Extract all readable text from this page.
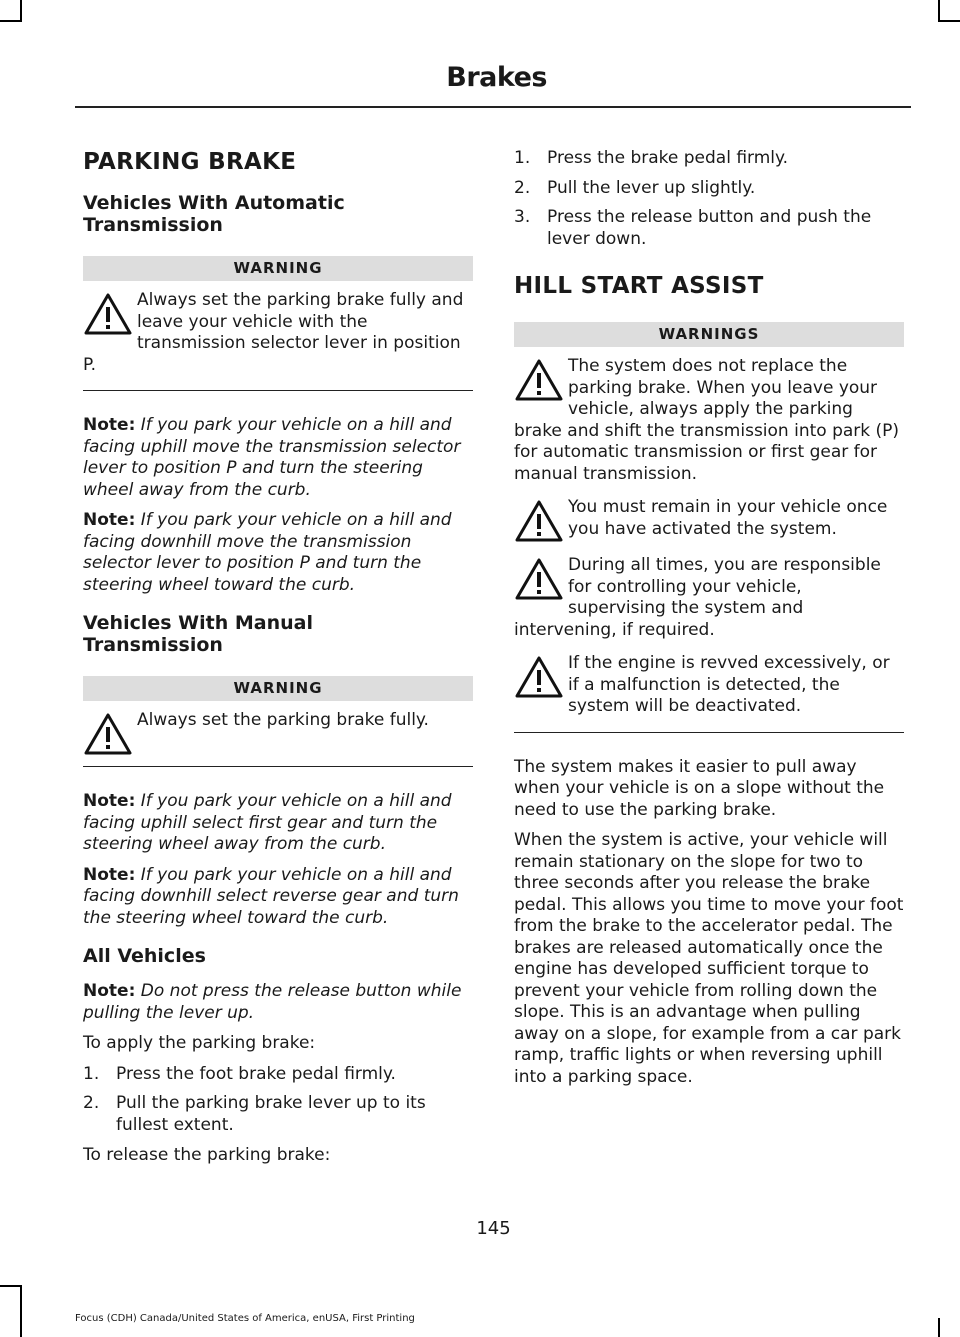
Brakes
PARKING BRAKE
Vehicles With Automatic Transmission
WARNING
Always set the parking brake fully and leave your vehicle with the transmission selector lever in position P.

Note: If you park your vehicle on a hill and facing uphill move the transmission selector lever to position P and turn the steering wheel away from the curb.

Note: If you park your vehicle on a hill and facing downhill move the transmission selector lever to position P and turn the steering wheel toward the curb.

Vehicles With Manual Transmission
WARNING
Always set the parking brake fully.

Note: If you park your vehicle on a hill and facing uphill select first gear and turn the steering wheel away from the curb.

Note: If you park your vehicle on a hill and facing downhill select reverse gear and turn the steering wheel toward the curb.

All Vehicles

Note: Do not press the release button while pulling the lever up.

To apply the parking brake:

1. Press the foot brake pedal firmly.
2. Pull the parking brake lever up to its fullest extent.

To release the parking brake:

1. Press the brake pedal firmly.
2. Pull the lever up slightly.
3. Press the release button and push the lever down.
HILL START ASSIST
WARNINGS
The system does not replace the parking brake. When you leave your vehicle, always apply the parking brake and shift the transmission into park (P) for automatic transmission or first gear for manual transmission.
You must remain in your vehicle once you have activated the system.
During all times, you are responsible for controlling your vehicle, supervising the system and intervening, if required.
If the engine is revved excessively, or if a malfunction is detected, the system will be deactivated.

The system makes it easier to pull away when your vehicle is on a slope without the need to use the parking brake.

When the system is active, your vehicle will remain stationary on the slope for two to three seconds after you release the brake pedal. This allows you time to move your foot from the brake to the accelerator pedal. The brakes are released automatically once the engine has developed sufficient torque to prevent your vehicle from rolling down the slope. This is an advantage when pulling away on a slope, for example from a car park ramp, traffic lights or when reversing uphill into a parking space.

145
Focus (CDH) Canada/United States of America, enUSA, First Printing
